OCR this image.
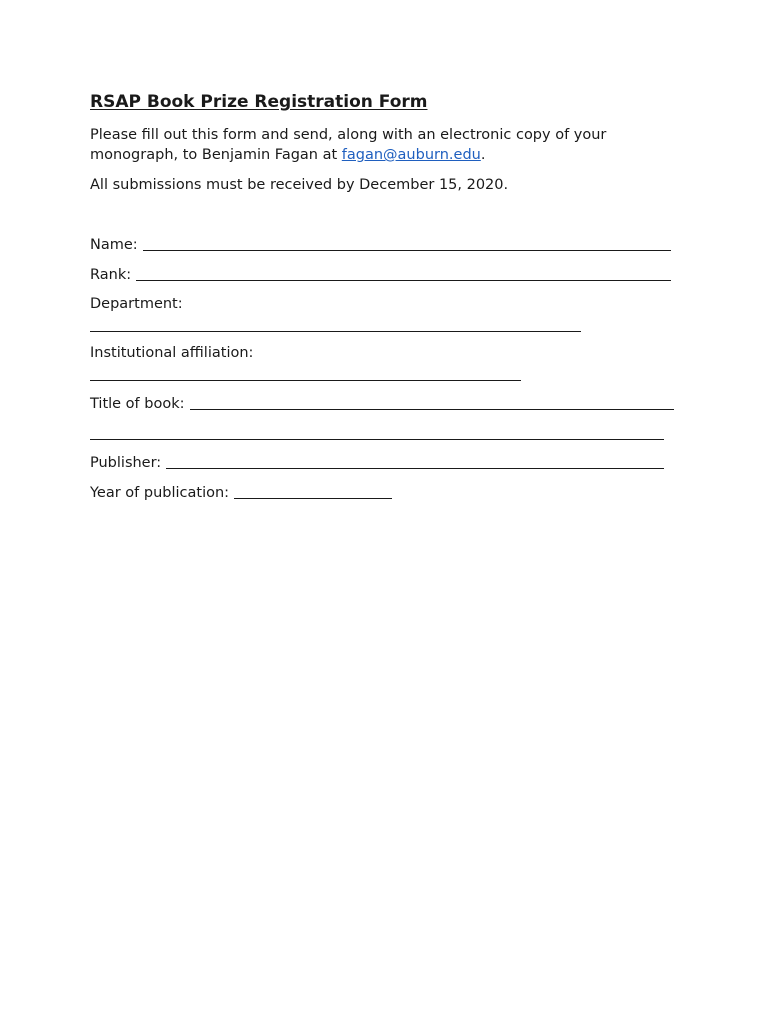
RSAP Book Prize Registration Form
Please fill out this form and send, along with an electronic copy of your
monograph, to Benjamin Fagan at fagan@auburn.edu.
All submissions must be received by December 15, 2020.
Name:
Rank:
Department:
Institutional affiliation:
Title of book:
Publisher:
Year of publication:
